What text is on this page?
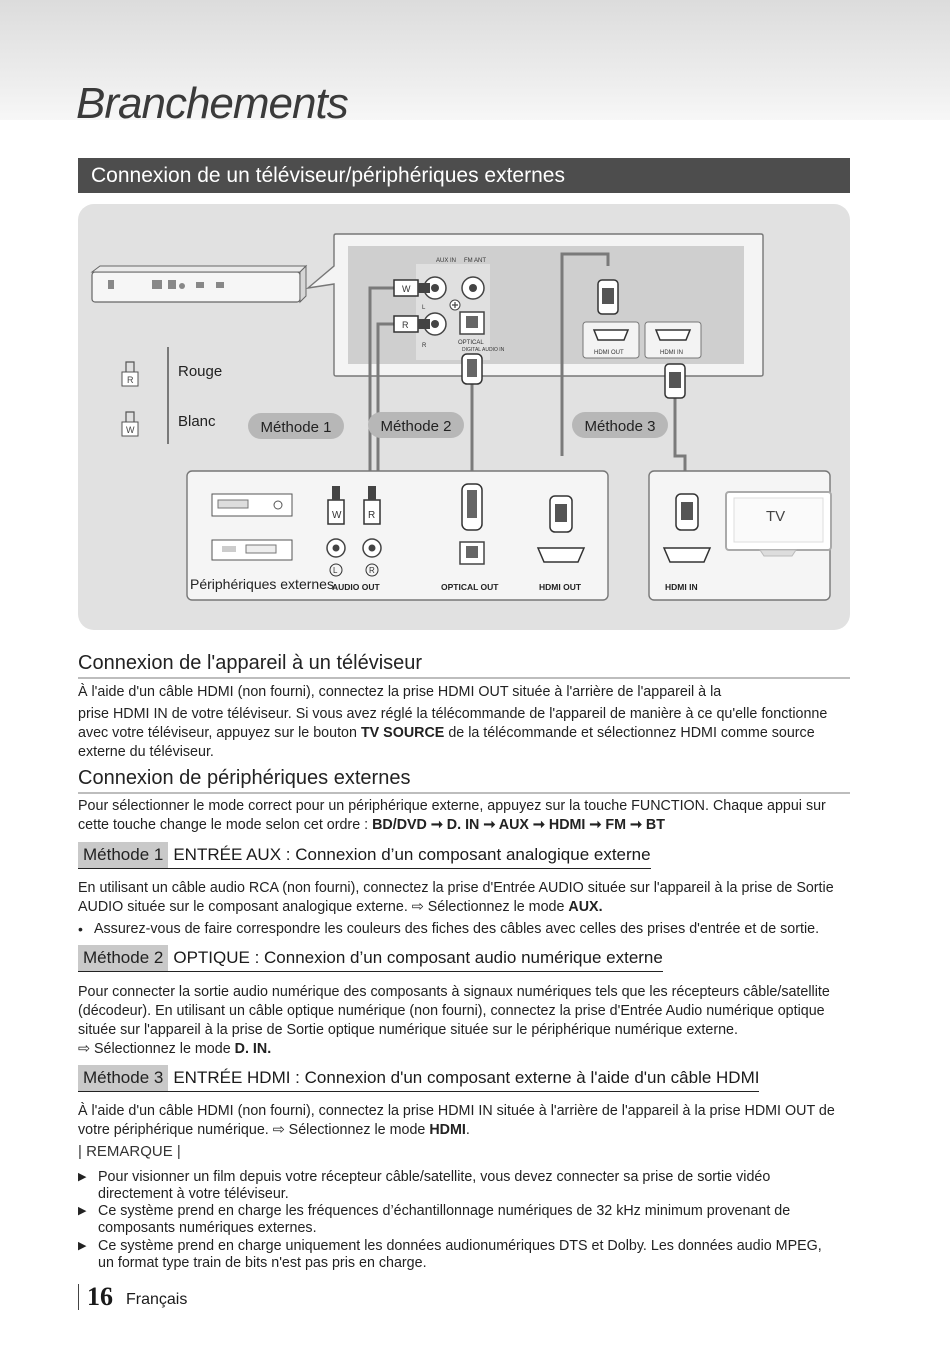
Branchements
Connexion de un téléviseur/périphériques externes
AUX IN FM ANT
L
R	OPTICAL
DIGITAL AUDIO IN	HDMI OUT	HDMI IN
W
R
R
W
Rouge
Blanc	Méthode 1	Méthode 2	Méthode 3
Périphériques externes
W	R
L	R
AUDIO OUT	OPTICAL OUT	HDMI OUT	HDMI IN
TV
Connexion de l'appareil à un téléviseur
À l'aide d'un câble HDMI (non fourni), connectez la prise HDMI OUT située à l'arrière de l'appareil à la
prise HDMI IN de votre téléviseur. Si vous avez réglé la télécommande de l'appareil de manière à ce qu'elle fonctionne
avec votre téléviseur, appuyez sur le bouton TV SOURCE de la télécommande et sélectionnez HDMI comme source
externe du téléviseur.
Connexion de périphériques externes
Pour sélectionner le mode correct pour un périphérique externe, appuyez sur la touche FUNCTION. Chaque appui sur
cette touche change le mode selon cet ordre : BD/DVD ➞ D. IN ➞ AUX ➞ HDMI ➞ FM ➞ BT
Méthode 1 ENTRÉE AUX : Connexion d’un composant analogique externe
En utilisant un câble audio RCA (non fourni), connectez la prise d'Entrée AUDIO située sur l'appareil à la prise de Sortie
AUDIO située sur le composant analogique externe. ⇨ Sélectionnez le mode AUX.
• Assurez-vous de faire correspondre les couleurs des fiches des câbles avec celles des prises d'entrée et de sortie.
Méthode 2 OPTIQUE : Connexion d’un composant audio numérique externe
Pour connecter la sortie audio numérique des composants à signaux numériques tels que les récepteurs câble/satellite
(décodeur). En utilisant un câble optique numérique (non fourni), connectez la prise d'Entrée Audio numérique optique
située sur l'appareil à la prise de Sortie optique numérique située sur le périphérique numérique externe.
⇨ Sélectionnez le mode D. IN.
Méthode 3 ENTRÉE HDMI : Connexion d'un composant externe à l'aide d'un câble HDMI
À l'aide d'un câble HDMI (non fourni), connectez la prise HDMI IN située à l'arrière de l'appareil à la prise HDMI OUT de
votre périphérique numérique. ⇨ Sélectionnez le mode HDMI.
| REMARQUE |
▶ Pour visionner un film depuis votre récepteur câble/satellite, vous devez connecter sa prise de sortie vidéo
directement à votre téléviseur.
▶ Ce système prend en charge les fréquences d’échantillonnage numériques de 32 kHz minimum provenant de
composants numériques externes.
▶ Ce système prend en charge uniquement les données audionumériques DTS et Dolby. Les données audio MPEG,
un format type train de bits n'est pas pris en charge.
16 Français
